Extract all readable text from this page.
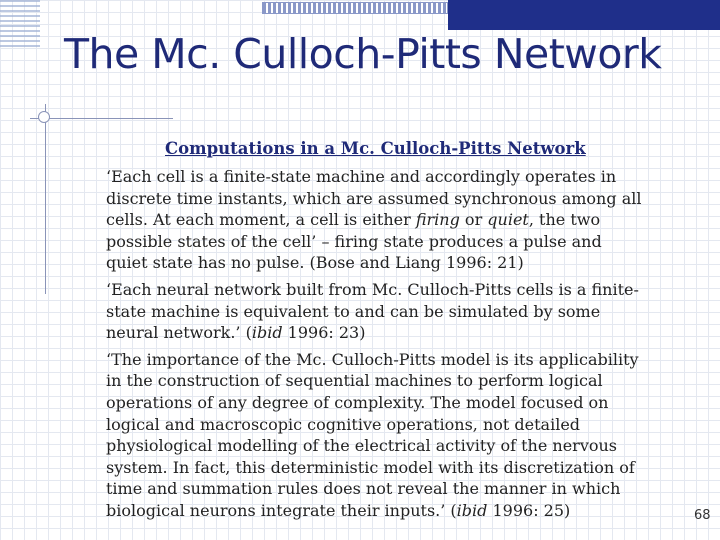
The Mc. Culloch-Pitts Network
Computations in a Mc. Culloch-Pitts Network

‘Each cell is a finite-state machine and accordingly operates in discrete time instants, which are assumed synchronous among all cells. At each moment, a cell is either firing or quiet, the two possible states of the cell’ – firing state produces a pulse and quiet state has no pulse. (Bose and Liang 1996: 21)

‘Each neural network built from Mc. Culloch-Pitts cells is a finite-state machine is equivalent to and can be simulated by some neural network.’ (ibid 1996: 23)

‘The importance of the Mc. Culloch-Pitts model is its applicability in the construction of sequential machines to perform logical operations of any degree of complexity. The model focused on logical and macroscopic cognitive operations, not detailed physiological modelling of the electrical activity of the nervous system. In fact, this deterministic model with its discretization of time and summation rules does not reveal the manner in which biological neurons integrate their inputs.’ (ibid 1996: 25)	68
